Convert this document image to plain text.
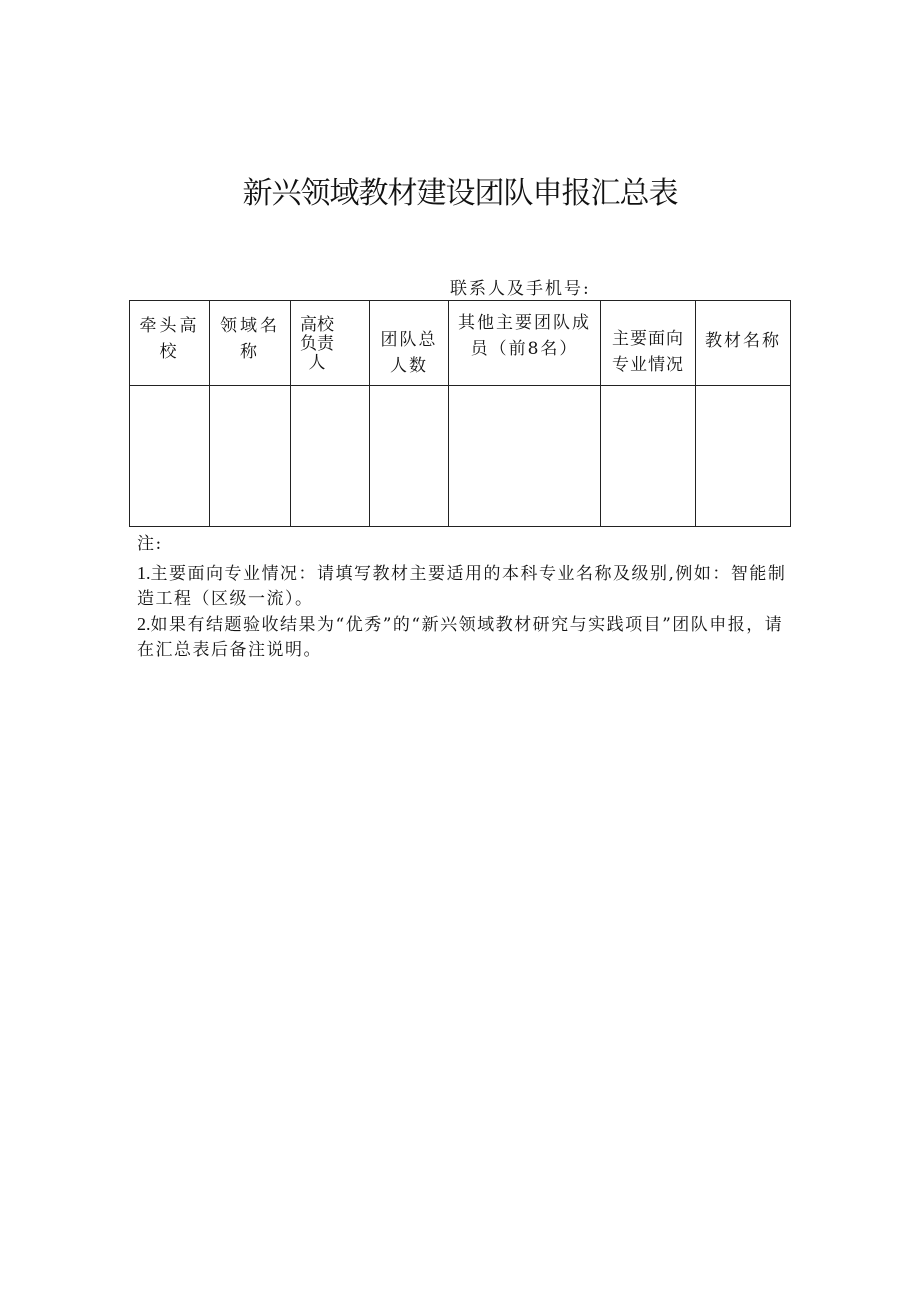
新兴领域教材建设团队申报汇总表
联系人及手机号:
牵头高校	领域名称	高校负责人	团队总人数	其他主要团队成员（前8名）	主要面向专业情况	教材名称

注:

1.主要面向专业情况：请填写教材主要适用的本科专业名称及级别,例如：智能制造工程（区级一流）。

2.如果有结题验收结果为“优秀”的“新兴领域教材研究与实践项目”团队申报，请在汇总表后备注说明。
